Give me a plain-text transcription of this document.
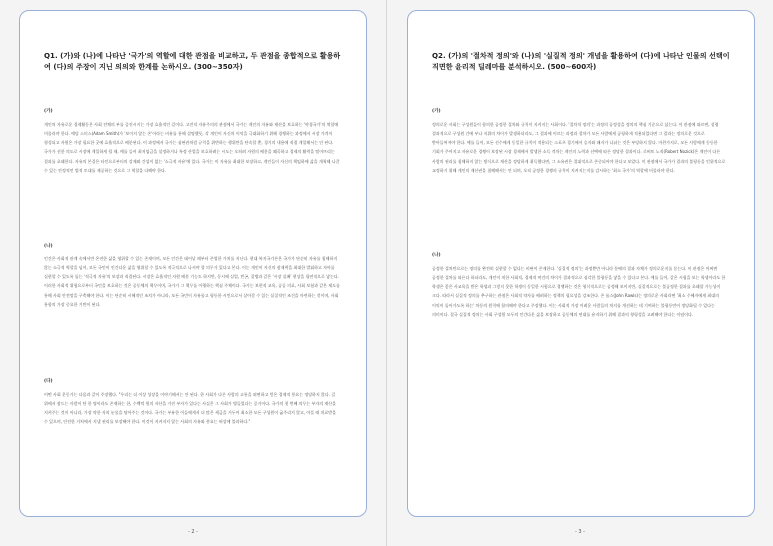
Q1. (가)와 (나)에 나타난 '국가'의 역할에 대한 관점을 비교하고, 두 관점을 종합적으로 활용하여 (다)의 주장이 지닌 의의와 한계를 논하시오. (300~350자)
(가)

개인의 자유로운 경제활동은 사회 전체의 부를 증진시키는 가장 효율적인 길이다. 고전적 자유주의의 관점에서 국가는 개인의 자유와 재산을 보호하는 '야경국가'의 역할에 머물러야 한다. 애덤 스미스(Adam Smith)가 '보이지 않는 손'이라는 비유를 통해 설명했듯, 각 개인이 자신의 이익을 극대화하기 위해 경쟁하는 과정에서 시장 가격이 형성되고 자원은 가장 필요한 곳에 효율적으로 배분된다. 이 과정에서 국가는 심판관처럼 규칙을 위반하는 행위만을 단속할 뿐, 경기의 내용에 직접 개입해서는 안 된다. 국가가 선한 의도로 시장에 개입하게 될 때, 예를 들어 최저임금을 설정하거나 특정 산업을 보호하려는 시도는 오히려 자원의 배분을 왜곡하고 경제의 활력을 떨어뜨리는 결과를 초래한다. 자유의 본질은 타인으로부터의 강제와 간섭이 없는 '소극적 자유'에 있다. 국가는 이 자유를 최대한 보장하고, 개인들이 자신의 책임하에 삶을 개척해 나갈 수 있는 안정적인 법적 토대를 제공하는 것으로 그 역할을 다해야 한다.

(나)

인간은 사회적 관계 속에서만 온전한 삶을 영위할 수 있는 존재이며, 모든 인간은 태어날 때부터 존엄한 가치를 지닌다. 현대 복지국가론은 국가가 단순히 자유를 침해하지 않는 소극적 역할을 넘어, 모든 국민이 인간다운 삶을 영위할 수 있도록 적극적으로 나서야 할 의무가 있다고 본다. 이는 개인이 자신의 잠재력을 최대한 발휘하고 자아를 실현할 수 있도록 돕는 '적극적 자유'의 보장과 직결된다. 시장은 효율적인 자원 배분 기능도 하지만, 동시에 실업, 빈곤, 질병과 같은 '시장 실패' 현상을 필연적으로 낳는다. 이러한 사회적 위험으로부터 국민을 보호하는 것은 공동체의 책무이며, 국가가 그 책무를 이행하는 핵심 주체이다. 국가는 보편적 교육, 공공 의료, 사회 보험과 같은 제도를 통해 사회 안전망을 구축해야 한다. 이는 단순히 시혜적인 조치가 아니라, 모든 국민이 자유롭고 평등한 시민으로서 살아갈 수 있는 실질적인 조건을 마련하는 것이며, 사회 통합의 가장 중요한 기반이 된다.

(다)

어떤 사회 운동가는 다음과 같이 주장했다. "우리는 더 이상 성장을 이야기해서는 안 된다. 한 사회가 다른 사람의 고통을 외면하고 얻은 경제적 풍요는 정당하지 않다. 길 위에서 잠드는 사람이 단 한 명이라도 존재하는 한, 수백억 원의 자산을 가진 부자가 있다는 사실은 그 사회가 병들었다는 증거이다. 국가의 첫 번째 의무는 부자의 재산을 지켜주는 것이 아니라, 가장 약한 자의 눈물을 닦아주는 것이다. 국가는 부유한 이들에게서 더 많은 세금을 거두어 최소한 모든 구성원이 굶주리지 않고, 아플 때 치료받을 수 있으며, 안전한 거처에서 지낼 권리를 보장해야 한다. 이것이 지켜지지 않는 사회의 자유와 풍요는 허상에 불과하다."

- 2 -
Q2. (가)의 '절차적 정의'와 (나)의 '실질적 정의' 개념을 활용하여 (다)에 나타난 인물의 선택이 직면한 윤리적 딜레마를 분석하시오. (500~600자)
(가)

정의로운 사회는 구성원들이 합의한 공정한 절차와 규칙이 지켜지는 사회이다. '절차적 정의'는 과정의 공정성을 정의의 핵심 기준으로 삼는다. 이 관점에 따르면, 설령 결과적으로 구성원 간에 부나 지위의 차이가 발생하더라도, 그 결과에 이르는 과정과 절차가 모든 사람에게 공평하게 적용되었다면 그 결과는 정의로운 것으로 받아들여져야 한다. 예를 들어, 모든 선수에게 동일한 규칙이 적용되는 스포츠 경기에서 승자와 패자가 나뉘는 것은 부당하지 않다. 마찬가지로, 모든 사람에게 동등한 기회가 주어지고 자유로운 경쟁이 보장된 시장 경제에서 발생한 소득 격차는 개인의 노력과 선택에 따른 정당한 결과이다. 로버트 노직(Robert Nozick)은 개인이 다른 사람의 권리를 침해하지 않는 방식으로 재산을 정당하게 취득했다면, 그 소유권은 절대적으로 존중되어야 한다고 보았다. 이 관점에서 국가가 결과의 불평등을 인위적으로 교정하기 위해 개인의 재산권을 침해해서는 안 되며, 오직 공정한 경쟁의 규칙이 지켜지는지를 감시하는 '최소 국가'의 역할에 머물러야 한다.

(나)

공정한 절차만으로는 정의를 완전히 실현할 수 없다는 비판이 존재한다. '실질적 정의'는 과정뿐만 아니라 분배의 결과 자체가 정의로운지를 묻는다. 이 관점은 어쩌면 공정한 절차를 따른다 하더라도, 개인이 처한 사회적, 경제적 여건의 차이가 결과적으로 심각한 불평등을 낳을 수 있다고 본다. 예를 들어, 같은 시험을 보는 학생이라도 한 학생은 좋은 사교육을 받은 학생과 그렇지 못한 학생이 동일한 시험으로 경쟁하는 것은 형식적으로는 공정해 보이지만, 실질적으로는 불공정한 결과를 초래할 가능성이 크다. 따라서 실질적 정의를 추구하는 관점은 사회적 약자를 배려하는 정책의 필요성을 강조한다. 존 롤스(John Rawls)는 정의로운 사회라면 '최소 수혜자에게 최대의 이익이 돌아가도록 하는' 차등의 원칙에 합의해야 한다고 주장했다. 이는 사회적 가장 어려운 사람들의 처지를 개선하는 데 기여하는 불평등만이 정당화될 수 있다는 의미이다. 결국 실질적 정의는 사회 구성원 모두의 인간다운 삶을 보장하고 공동체의 연대를 유지하기 위해 결과의 형평성을 고려해야 한다는 이념이다.

- 3 -
